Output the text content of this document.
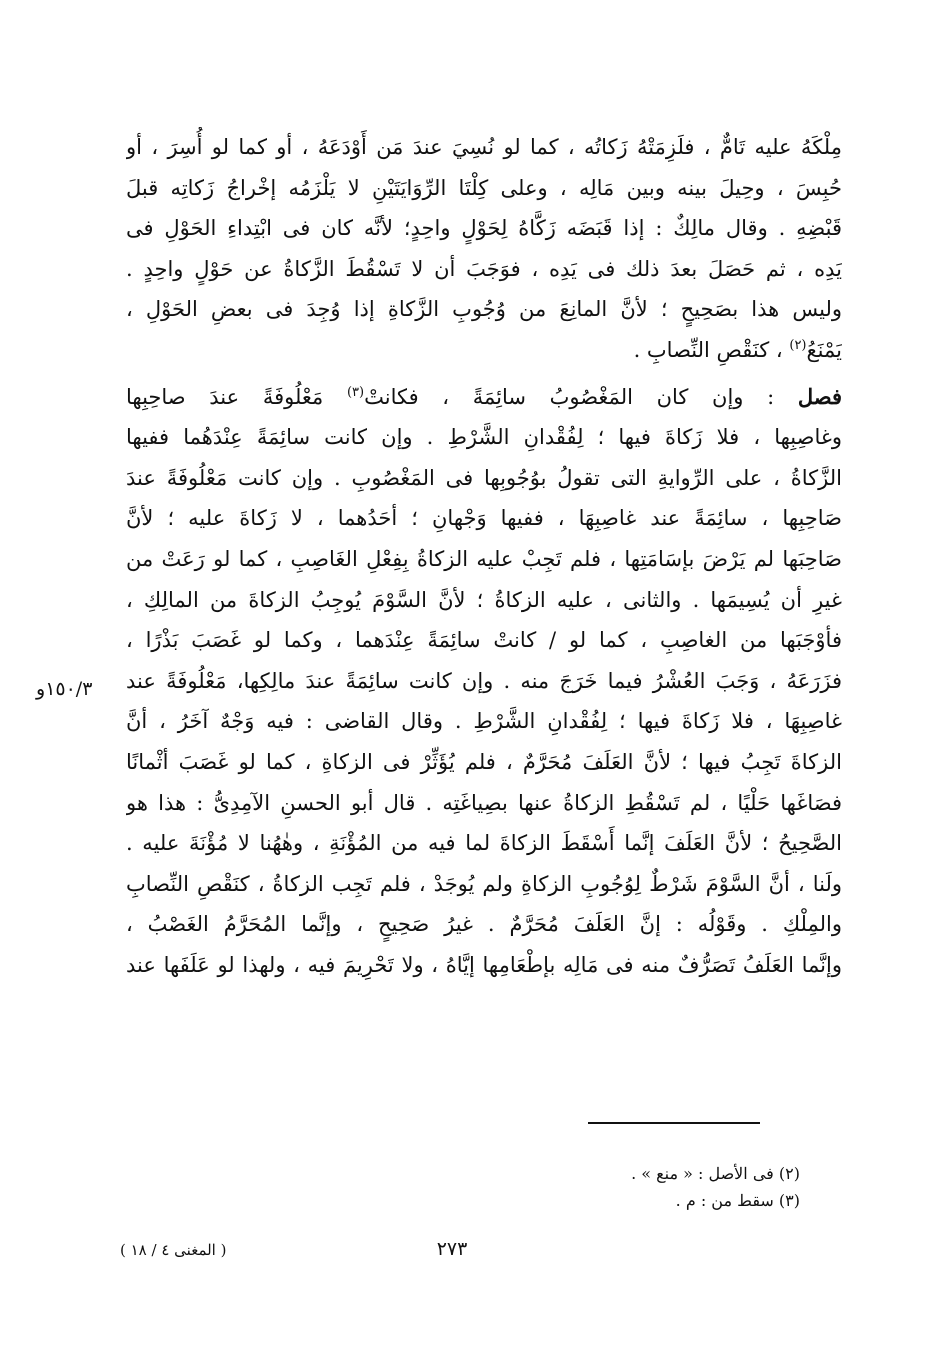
مِلْكَهُ عليه تَامٌّ ، فلَزِمَتْهُ زَكاتُه ، كما لو نُسِيَ عندَ مَن أَوْدَعَهُ ، أو كما لو أُسِرَ ، أو

حُبِسَ ، وحِيلَ بينه وبين مَالِه ، وعلى كِلْتَا الرِّوَايَتَيْنِ لا يَلْزَمُه إخْراجُ زَكاتِه قبلَ

قَبْضِهِ . وقال مالِكٌ : إذا قَبَضَه زَكَّاهُ لِحَوْلٍ واحِدٍ؛ لأنَّه كان فى ابْتِداءِ الحَوْلِ فى

يَدِه ، ثم حَصَلَ بعدَ ذلك فى يَدِه ، فوَجَبَ أن لا تَسْقُطَ الزَّكاةُ عن حَوْلٍ واحِدٍ .

وليس هذا بصَحِيحٍ ؛ لأنَّ المانِعَ من وُجُوبِ الزَّكاةِ إذا وُجِدَ فى بعضِ الحَوْلِ ،

يَمْنَعُ$^{(٢)}$ ، كنَقْصِ النِّصابِ .

فصل : وإن كان المَغْصُوبُ سائِمَةً ، فكانتْ$^{(٣)}$ مَعْلُوفَةً عندَ صاحِبِها

وغاصِبِها ، فلا زَكاةَ فيها ؛ لِفُقْدانِ الشَّرْطِ . وإن كانت سائِمَةً عِنْدَهُما ففيها

الزَّكاةُ ، على الرِّوايةِ التى تقولُ بوُجُوبِها فى المَغْصُوبِ . وإن كانت مَعْلُوفَةً عندَ

صَاحِبِها ، سائِمَةً عند غاصِبِهَا ، ففيها وَجْهانِ ؛ أحَدُهما ، لا زَكاةَ عليه ؛ لأنَّ

صَاحِبَها لم يَرْضَ بإسَامَتِها ، فلم تَجِبْ عليه الزكاةُ بِفِعْلِ الغَاصِبِ ، كما لو رَعَتْ من

غيرِ أن يُسِيمَها . والثانى ، عليه الزكاةُ ؛ لأنَّ السَّوْمَ يُوجِبُ الزكاةَ من المالِكِ ،

فأوْجَبَها من الغاصِبِ ، كما لو / كانتْ سائِمَةً عِنْدَهما ، وكما لو غَصَبَ بَذْرًا ،

فزَرَعَهُ ، وَجَبَ العُشْرُ فيما خَرَجَ منه . وإن كانت سائِمَةً عندَ مالِكِها، مَعْلُوفَةً عند

غاصِبِهَا ، فلا زَكاةَ فيها ؛ لِفُقْدانِ الشَّرْطِ . وقال القاضى : فيه وَجْهٌ آخَرُ ، أنَّ

الزكاةَ تَجِبُ فيها ؛ لأنَّ العَلَفَ مُحَرَّمٌ ، فلم يُؤَثِّرْ فى الزكاةِ ، كما لو غَصَبَ أثْمانًا

فصَاغَها حَلْيًا ، لم تَسْقُطِ الزكاةُ عنها بصِياغَتِه . قال أبو الحسنِ الآمِدِىُّ : هذا هو

الصَّحِيحُ ؛ لأنَّ العَلَفَ إنَّما أَسْقَطَ الزكاةَ لما فيه من المُؤْنَةِ ، وهٰهُنا لا مُؤْنَةَ عليه .

ولَنا ، أنَّ السَّوْمَ شَرْطٌ لِوُجُوبِ الزكاةِ ولم يُوجَدْ ، فلم تَجِب الزكاةُ ، كنَقْصِ النِّصابِ

والمِلْكِ . وقَوْلُه : إنَّ العَلَفَ مُحَرَّمٌ . غيرُ صَحِيحٍ ، وإنَّما المُحَرَّمُ الغَصْبُ ،

وإنَّما العَلَفُ تَصَرُّفٌ منه فى مَالِه بإطْعَامِها إيَّاهُ ، ولا تَحْرِيمَ فيه ، ولهذا لو عَلَفَها عند

١٥٠/٣و
(٢) فى الأصل : « منع » .
(٣) سقط من : م .
٢٧٣
( المغنى ٤ / ١٨ )
